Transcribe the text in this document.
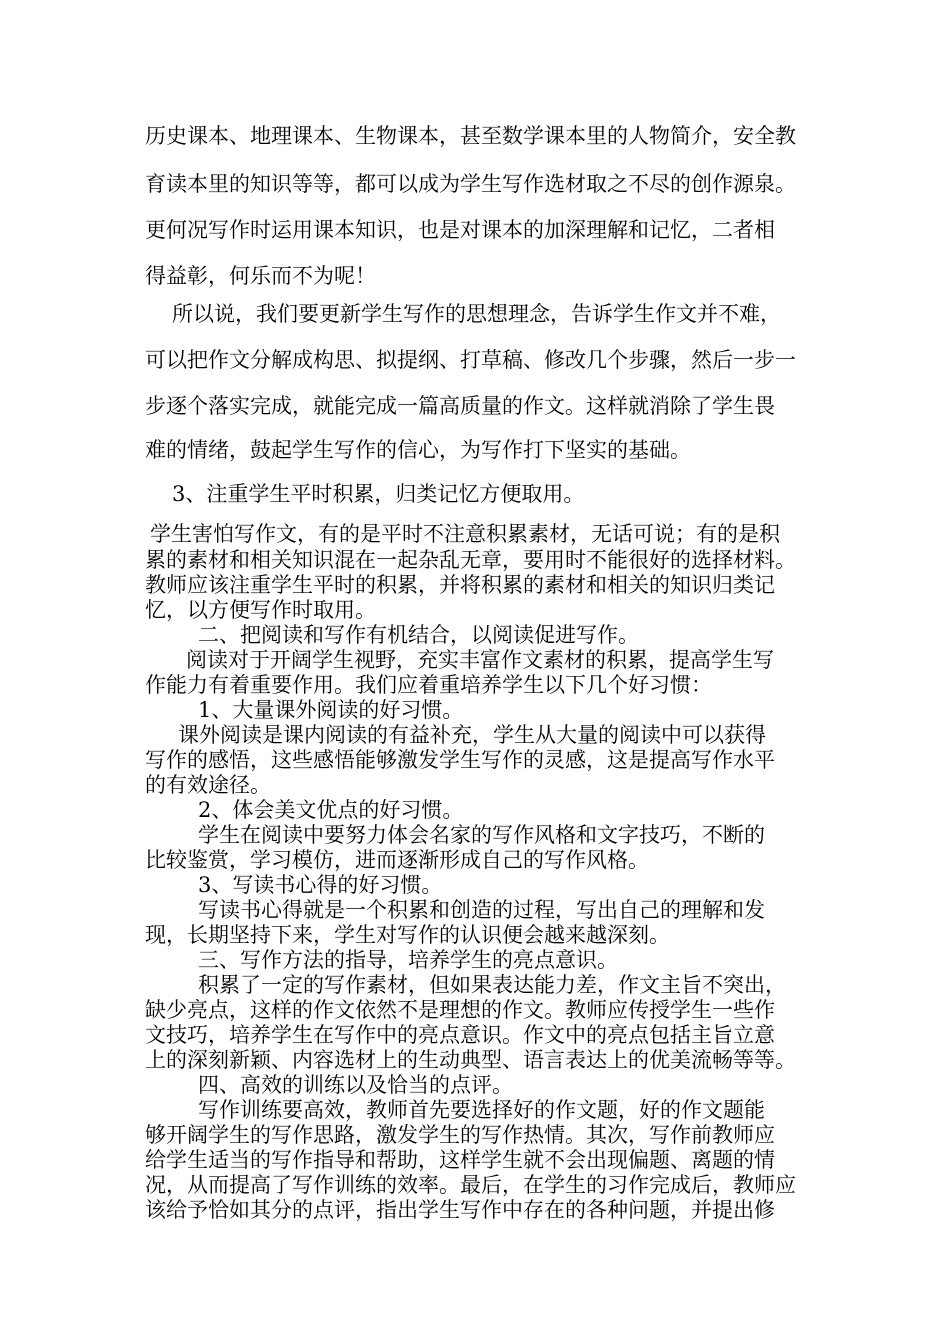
历史课本、地理课本、生物课本，甚至数学课本里的人物简介，安全教
育读本里的知识等等，都可以成为学生写作选材取之不尽的创作源泉。
更何况写作时运用课本知识，也是对课本的加深理解和记忆，二者相
得益彰，何乐而不为呢！
所以说，我们要更新学生写作的思想理念，告诉学生作文并不难，
可以把作文分解成构思、拟提纲、打草稿、修改几个步骤，然后一步一
步逐个落实完成，就能完成一篇高质量的作文。这样就消除了学生畏
难的情绪，鼓起学生写作的信心，为写作打下坚实的基础。
3、注重学生平时积累，归类记忆方便取用。
学生害怕写作文，有的是平时不注意积累素材，无话可说；有的是积
累的素材和相关知识混在一起杂乱无章，要用时不能很好的选择材料。
教师应该注重学生平时的积累，并将积累的素材和相关的知识归类记
忆，以方便写作时取用。
二、把阅读和写作有机结合，以阅读促进写作。
阅读对于开阔学生视野，充实丰富作文素材的积累，提高学生写
作能力有着重要作用。我们应着重培养学生以下几个好习惯：
1、大量课外阅读的好习惯。
课外阅读是课内阅读的有益补充，学生从大量的阅读中可以获得
写作的感悟，这些感悟能够激发学生写作的灵感，这是提高写作水平
的有效途径。
2、体会美文优点的好习惯。
学生在阅读中要努力体会名家的写作风格和文字技巧，不断的
比较鉴赏，学习模仿，进而逐渐形成自己的写作风格。
3、写读书心得的好习惯。
写读书心得就是一个积累和创造的过程，写出自己的理解和发
现，长期坚持下来，学生对写作的认识便会越来越深刻。
三、写作方法的指导，培养学生的亮点意识。
积累了一定的写作素材，但如果表达能力差，作文主旨不突出，
缺少亮点，这样的作文依然不是理想的作文。教师应传授学生一些作
文技巧，培养学生在写作中的亮点意识。作文中的亮点包括主旨立意
上的深刻新颖、内容选材上的生动典型、语言表达上的优美流畅等等。
四、高效的训练以及恰当的点评。
写作训练要高效，教师首先要选择好的作文题，好的作文题能
够开阔学生的写作思路，激发学生的写作热情。其次，写作前教师应
给学生适当的写作指导和帮助，这样学生就不会出现偏题、离题的情
况，从而提高了写作训练的效率。最后，在学生的习作完成后，教师应
该给予恰如其分的点评，指出学生写作中存在的各种问题，并提出修
